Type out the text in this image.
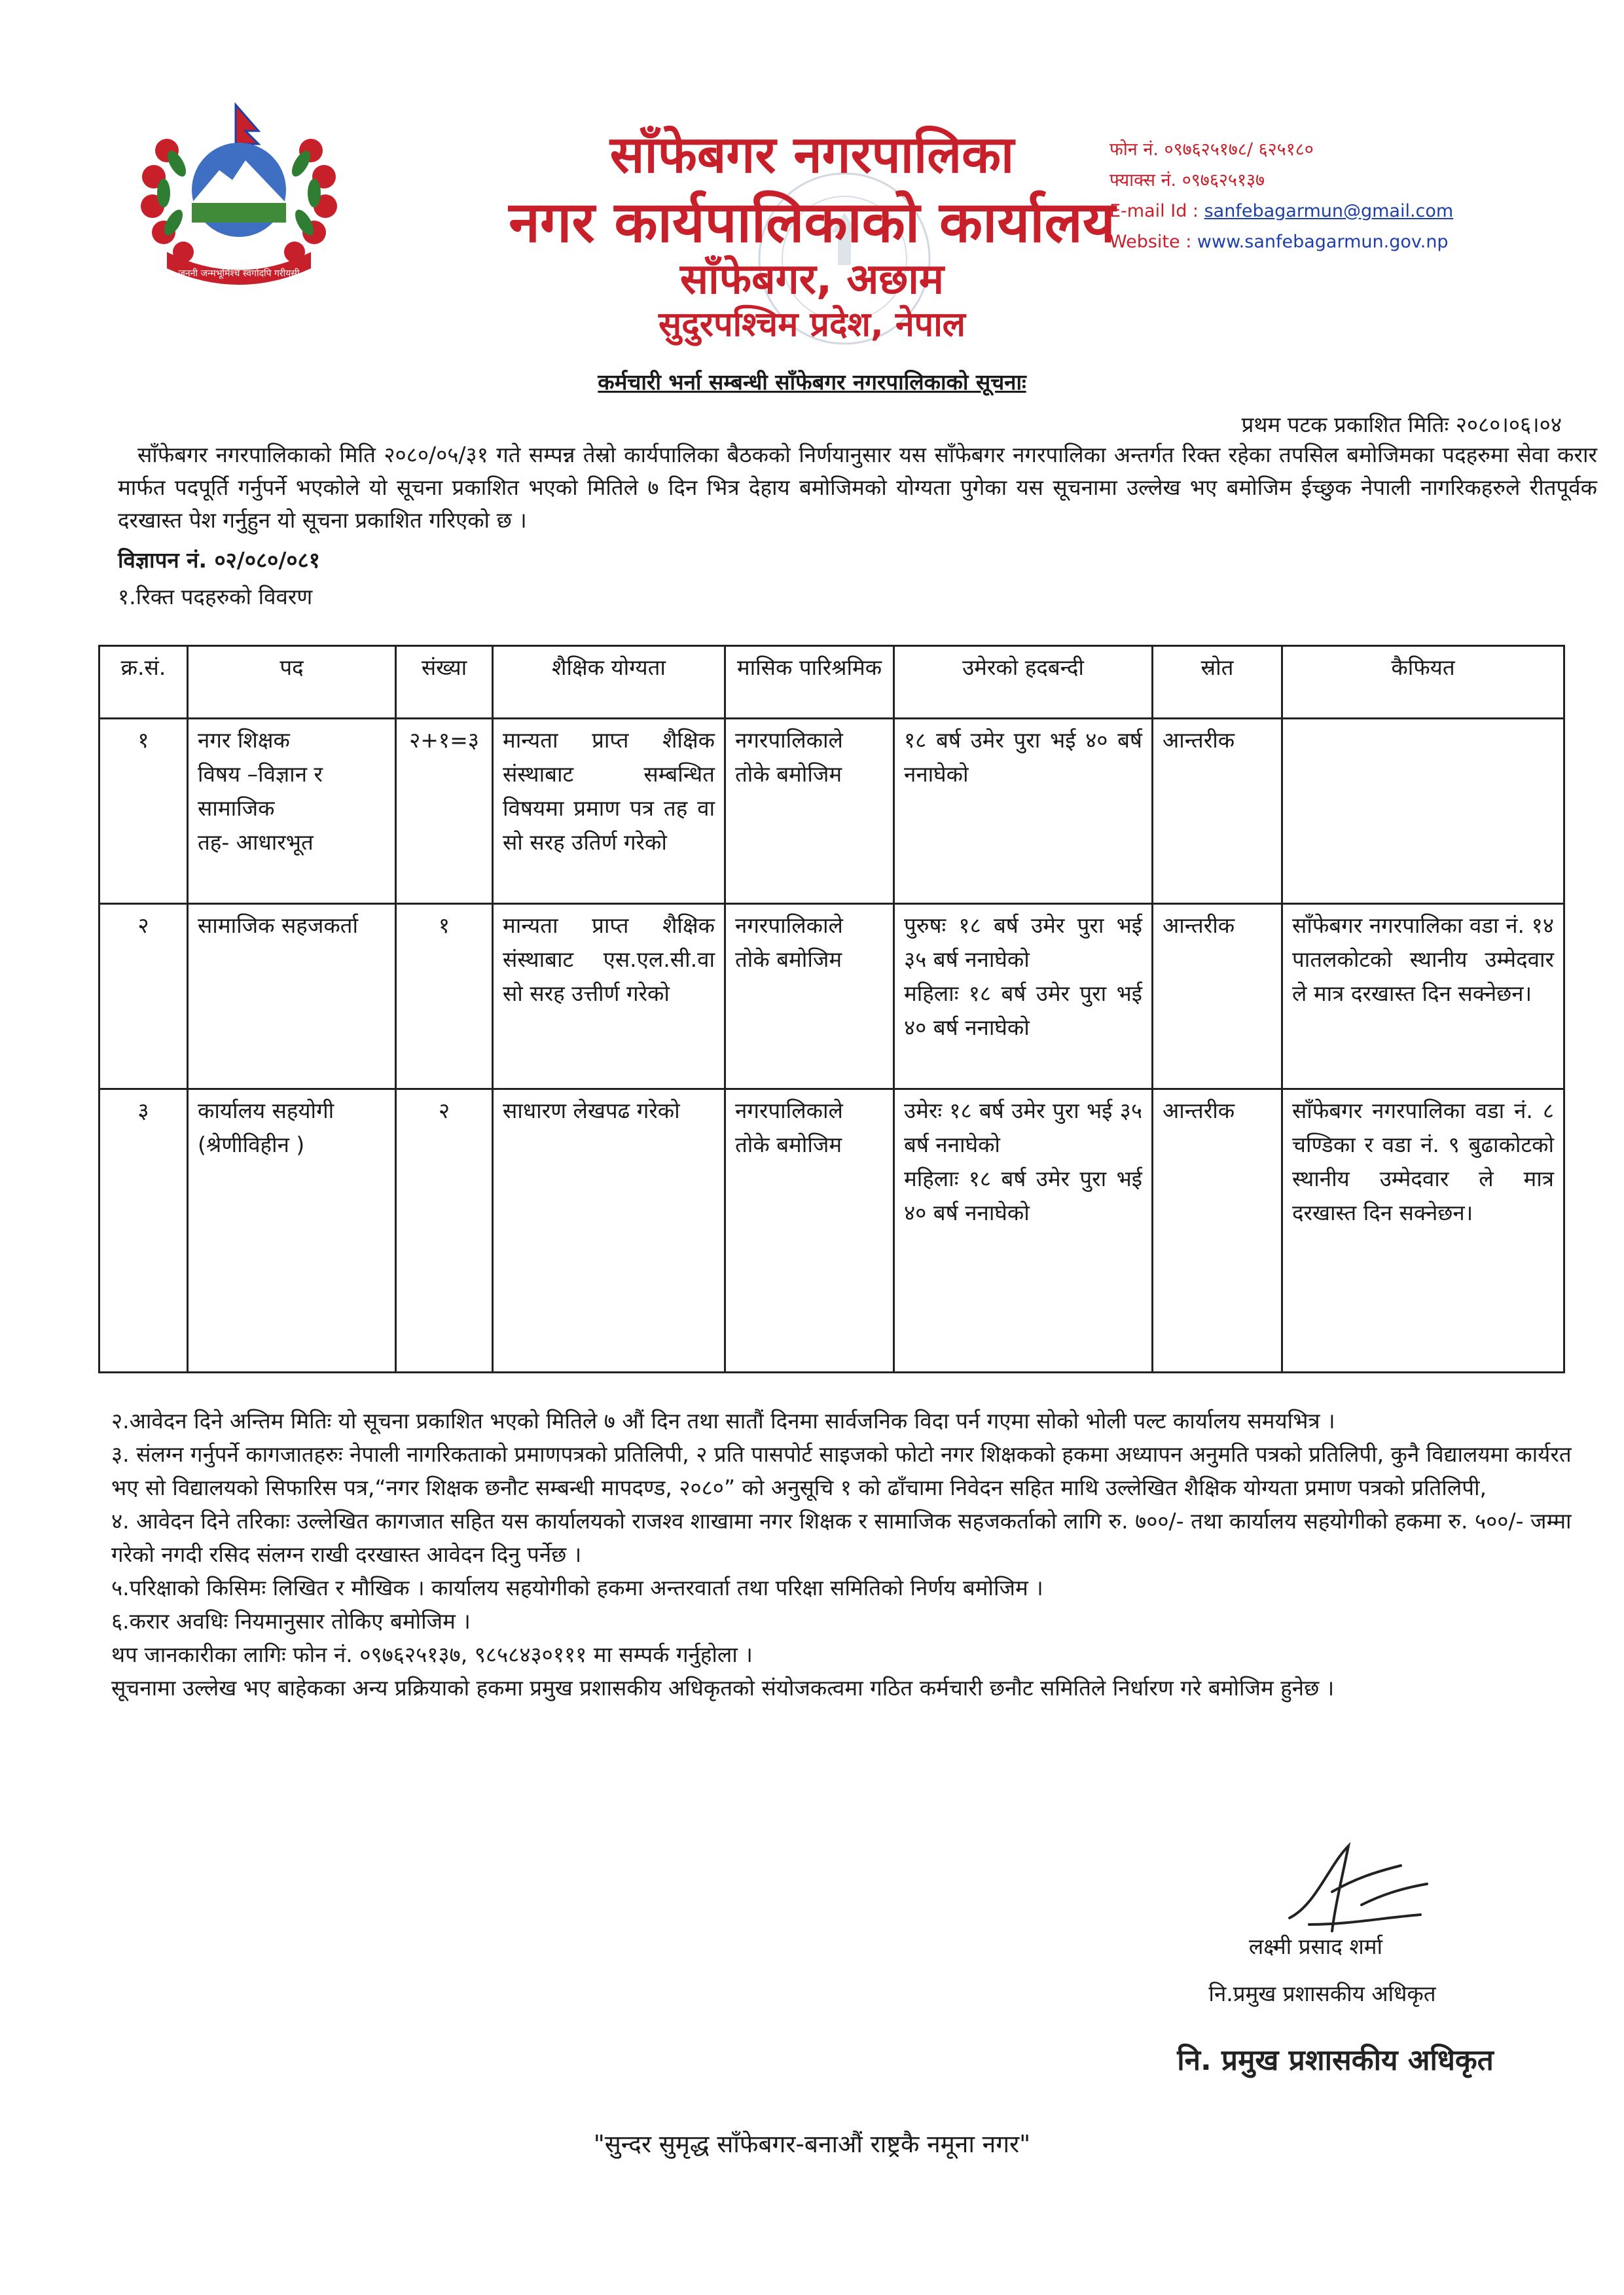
जननी जन्मभूमिश्च स्वर्गादपि गरीयसी
साँफेबगर नगरपालिका
नगर कार्यपालिकाको कार्यालय
साँफेबगर, अछाम
सुदुरपश्चिम प्रदेश, नेपाल
फोन नं. ०९७६२५१७८/ ६२५१८०
फ्याक्स नं. ०९७६२५१३७
E-mail Id : sanfebagarmun@gmail.com
Website : www.sanfebagarmun.gov.np
कर्मचारी भर्ना सम्बन्धी साँफेबगर नगरपालिकाको सूचनाः
प्रथम पटक प्रकाशित मितिः २०८०।०६।०४
साँफेबगर नगरपालिकाको मिति २०८०/०५/३१ गते सम्पन्न तेस्रो कार्यपालिका बैठकको निर्णयानुसार यस साँफेबगर नगरपालिका अन्तर्गत रिक्त रहेका तपसिल बमोजिमका पदहरुमा सेवा करार मार्फत पदपूर्ति गर्नुपर्ने भएकोले यो सूचना प्रकाशित भएको मितिले ७ दिन भित्र देहाय बमोजिमको योग्यता पुगेका यस सूचनामा उल्लेख भए बमोजिम ईच्छुक नेपाली नागरिकहरुले रीतपूर्वक दरखास्त पेश गर्नुहुन यो सूचना प्रकाशित गरिएको छ ।
विज्ञापन नं. ०२/०८०/०८१
१.रिक्त पदहरुको विवरण
क्र.सं.	पद	संख्या	शैक्षिक योग्यता	मासिक पारिश्रमिक	उमेरको हदबन्दी	स्रोत	कैफियत
१	नगर शिक्षक
विषय –विज्ञान र सामाजिक
तह- आधारभूत	२+१=३	मान्यता प्राप्त शैक्षिक संस्थाबाट सम्बन्धित विषयमा प्रमाण पत्र तह वा सो सरह उतिर्ण गरेको	नगरपालिकाले तोके बमोजिम	१८ बर्ष उमेर पुरा भई ४० बर्ष ननाघेको	आन्तरीक	
२	सामाजिक सहजकर्ता	१	मान्यता प्राप्त शैक्षिक संस्थाबाट एस.एल.सी.वा सो सरह उत्तीर्ण गरेको	नगरपालिकाले तोके बमोजिम	पुरुषः १८ बर्ष उमेर पुरा भई ३५ बर्ष ननाघेको
महिलाः १८ बर्ष उमेर पुरा भई ४० बर्ष ननाघेको	आन्तरीक	साँफेबगर नगरपालिका वडा नं. १४ पातलकोटको स्थानीय उम्मेदवार ले मात्र दरखास्त दिन सक्नेछन।
३	कार्यालय सहयोगी
(श्रेणीविहीन )	२	साधारण लेखपढ गरेको	नगरपालिकाले तोके बमोजिम	उमेरः १८ बर्ष उमेर पुरा भई ३५ बर्ष ननाघेको
महिलाः १८ बर्ष उमेर पुरा भई ४० बर्ष ननाघेको	आन्तरीक	साँफेबगर नगरपालिका वडा नं. ८ चण्डिका र वडा नं. ९ बुढाकोटको स्थानीय उम्मेदवार ले मात्र दरखास्त दिन सक्नेछन।

२.आवेदन दिने अन्तिम मितिः यो सूचना प्रकाशित भएको मितिले ७ औं दिन तथा सातौं दिनमा सार्वजनिक विदा पर्न गएमा सोको भोली पल्ट कार्यालय समयभित्र ।

३. संलग्न गर्नुपर्ने कागजातहरुः नेपाली नागरिकताको प्रमाणपत्रको प्रतिलिपी, २ प्रति पासपोर्ट साइजको फोटो नगर शिक्षकको हकमा अध्यापन अनुमति पत्रको प्रतिलिपी, कुनै विद्यालयमा कार्यरत भए सो विद्यालयको सिफारिस पत्र,“नगर शिक्षक छनौट सम्बन्धी मापदण्ड, २०८०” को अनुसूचि १ को ढाँचामा निवेदन सहित माथि उल्लेखित शैक्षिक योग्यता प्रमाण पत्रको प्रतिलिपी,

४. आवेदन दिने तरिकाः उल्लेखित कागजात सहित यस कार्यालयको राजश्व शाखामा नगर शिक्षक र सामाजिक सहजकर्ताको लागि रु. ७००/- तथा कार्यालय सहयोगीको हकमा रु. ५००/- जम्मा गरेको नगदी रसिद संलग्न राखी दरखास्त आवेदन दिनु पर्नेछ ।

५.परिक्षाको किसिमः लिखित र मौखिक । कार्यालय सहयोगीको हकमा अन्तरवार्ता तथा परिक्षा समितिको निर्णय बमोजिम ।

६.करार अवधिः नियमानुसार तोकिए बमोजिम ।

थप जानकारीका लागिः फोन नं. ०९७६२५१३७, ९८५८४३०१११ मा सम्पर्क गर्नुहोला ।

सूचनामा उल्लेख भए बाहेकका अन्य प्रक्रियाको हकमा प्रमुख प्रशासकीय अधिकृतको संयोजकत्वमा गठित कर्मचारी छनौट समितिले निर्धारण गरे बमोजिम हुनेछ ।

लक्ष्मी प्रसाद शर्मा
नि.प्रमुख प्रशासकीय अधिकृत
नि. प्रमुख प्रशासकीय अधिकृत
"सुन्दर सुमृद्ध साँफेबगर-बनाऔं राष्ट्रकै नमूना नगर"
